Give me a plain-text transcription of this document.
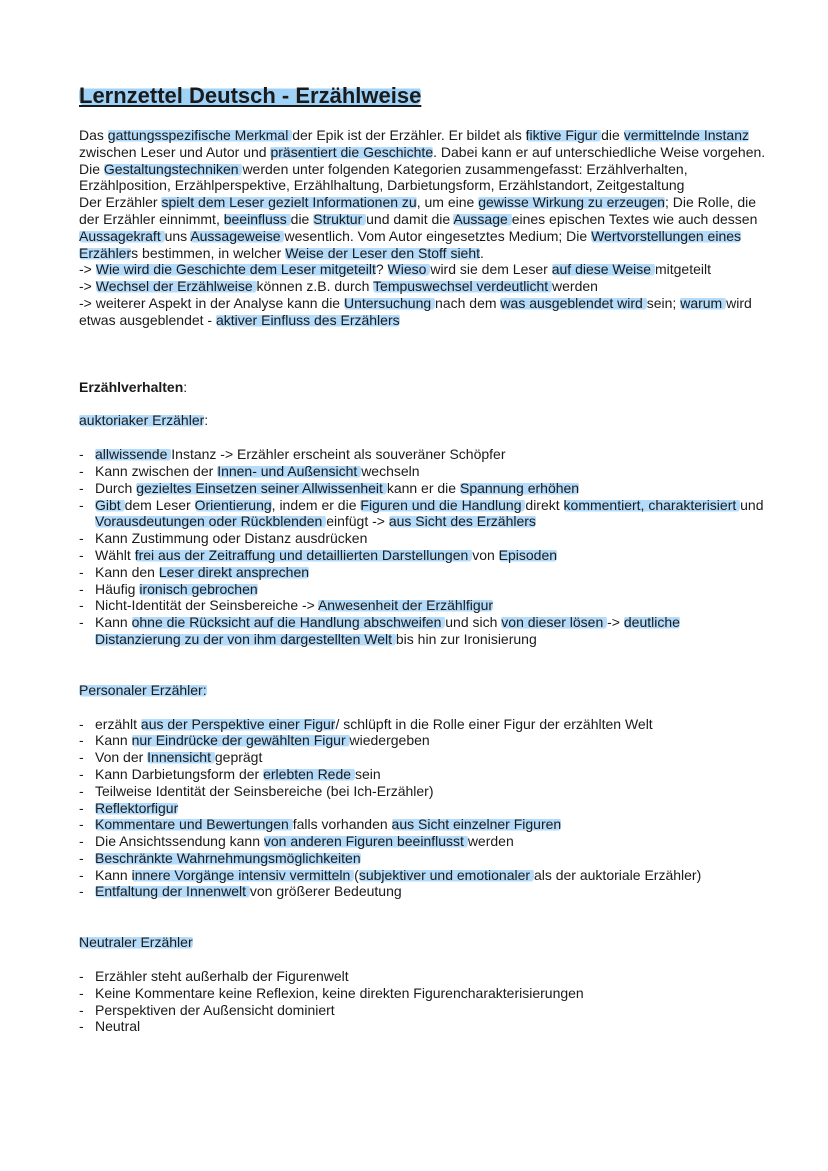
Lernzettel Deutsch - Erzählweise

Das gattungsspezifische Merkmal der Epik ist der Erzähler. Er bildet als fiktive Figur die vermittelnde Instanz zwischen Leser und Autor und präsentiert die Geschichte. Dabei kann er auf unterschiedliche Weise vorgehen. Die Gestaltungstechniken werden unter folgenden Kategorien zusammengefasst: Erzählverhalten, Erzählposition, Erzählperspektive, Erzählhaltung, Darbietungsform, Erzählstandort, Zeitgestaltung

Der Erzähler spielt dem Leser gezielt Informationen zu, um eine gewisse Wirkung zu erzeugen; Die Rolle, die der Erzähler einnimmt, beeinfluss die Struktur und damit die Aussage eines epischen Textes wie auch dessen Aussagekraft uns Aussageweise wesentlich. Vom Autor eingesetztes Medium; Die Wertvorstellungen eines Erzählers bestimmen, in welcher Weise der Leser den Stoff sieht.

-> Wie wird die Geschichte dem Leser mitgeteilt? Wieso wird sie dem Leser auf diese Weise mitgeteilt

-> Wechsel der Erzählweise können z.B. durch Tempuswechsel verdeutlicht werden

-> weiterer Aspekt in der Analyse kann die Untersuchung nach dem was ausgeblendet wird sein; warum wird etwas ausgeblendet - aktiver Einfluss des Erzählers

Erzählverhalten:

auktoriaker Erzähler:

- allwissende Instanz -> Erzähler erscheint als souveräner Schöpfer
- Kann zwischen der Innen- und Außensicht wechseln
- Durch gezieltes Einsetzen seiner Allwissenheit kann er die Spannung erhöhen
- Gibt dem Leser Orientierung, indem er die Figuren und die Handlung direkt kommentiert, charakterisiert und Vorausdeutungen oder Rückblenden einfügt -> aus Sicht des Erzählers
- Kann Zustimmung oder Distanz ausdrücken
- Wählt frei aus der Zeitraffung und detaillierten Darstellungen von Episoden
- Kann den Leser direkt ansprechen
- Häufig ironisch gebrochen
- Nicht-Identität der Seinsbereiche -> Anwesenheit der Erzählfigur
- Kann ohne die Rücksicht auf die Handlung abschweifen und sich von dieser lösen -> deutliche Distanzierung zu der von ihm dargestellten Welt bis hin zur Ironisierung

Personaler Erzähler:

- erzählt aus der Perspektive einer Figur/ schlüpft in die Rolle einer Figur der erzählten Welt
- Kann nur Eindrücke der gewählten Figur wiedergeben
- Von der Innensicht geprägt
- Kann Darbietungsform der erlebten Rede sein
- Teilweise Identität der Seinsbereiche (bei Ich-Erzähler)
- Reflektorfigur
- Kommentare und Bewertungen falls vorhanden aus Sicht einzelner Figuren
- Die Ansichtssendung kann von anderen Figuren beeinflusst werden
- Beschränkte Wahrnehmungsmöglichkeiten
- Kann innere Vorgänge intensiv vermitteln (subjektiver und emotionaler als der auktoriale Erzähler)
- Entfaltung der Innenwelt von größerer Bedeutung

Neutraler Erzähler

- Erzähler steht außerhalb der Figurenwelt
- Keine Kommentare keine Reflexion, keine direkten Figurencharakterisierungen
- Perspektiven der Außensicht dominiert
- Neutral
